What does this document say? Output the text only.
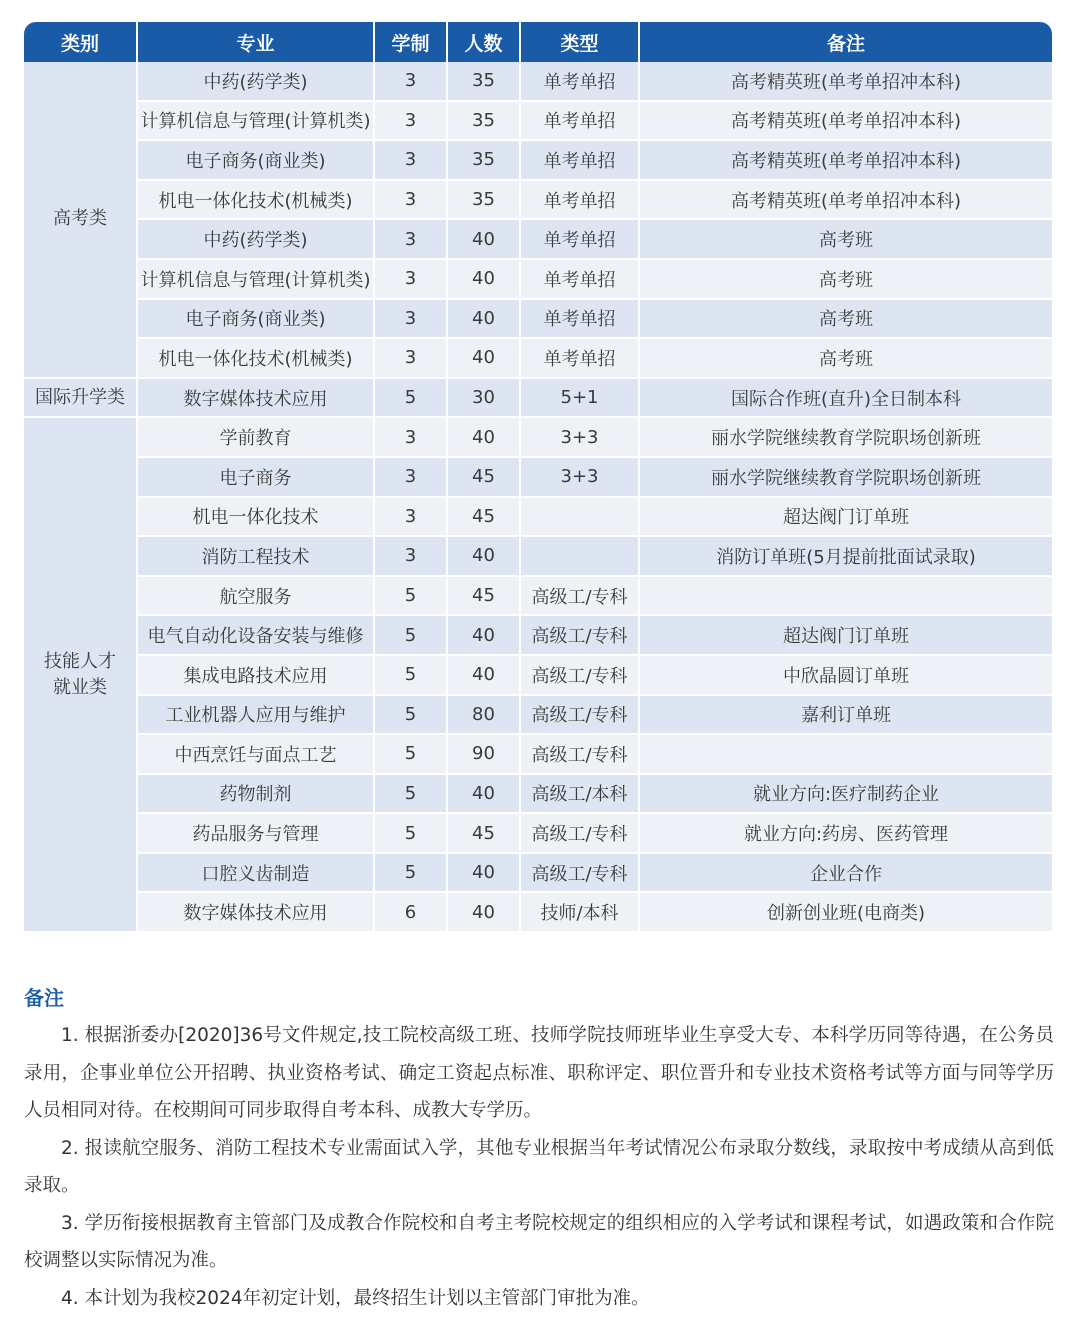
类别	专业	学制	人数	类型	备注
高考类	中药(药学类)	3	35	单考单招	高考精英班(单考单招冲本科)
	计算机信息与管理(计算机类)	3	35	单考单招	高考精英班(单考单招冲本科)
	电子商务(商业类)	3	35	单考单招	高考精英班(单考单招冲本科)
	机电一体化技术(机械类)	3	35	单考单招	高考精英班(单考单招冲本科)
	中药(药学类)	3	40	单考单招	高考班
	计算机信息与管理(计算机类)	3	40	单考单招	高考班
	电子商务(商业类)	3	40	单考单招	高考班
	机电一体化技术(机械类)	3	40	单考单招	高考班
国际升学类	数字媒体技术应用	5	30	5+1	国际合作班(直升)全日制本科
技能人才
就业类	学前教育	3	40	3+3	丽水学院继续教育学院职场创新班
	电子商务	3	45	3+3	丽水学院继续教育学院职场创新班
	机电一体化技术	3	45		超达阀门订单班
	消防工程技术	3	40		消防订单班(5月提前批面试录取)
	航空服务	5	45	高级工/专科	
	电气自动化设备安装与维修	5	40	高级工/专科	超达阀门订单班
	集成电路技术应用	5	40	高级工/专科	中欣晶圆订单班
	工业机器人应用与维护	5	80	高级工/专科	嘉利订单班
	中西烹饪与面点工艺	5	90	高级工/专科	
	药物制剂	5	40	高级工/本科	就业方向:医疗制药企业
	药品服务与管理	5	45	高级工/专科	就业方向:药房、医药管理
	口腔义齿制造	5	40	高级工/专科	企业合作
	数字媒体技术应用	6	40	技师/本科	创新创业班(电商类)
备注

1. 根据浙委办[2020]36号文件规定,技工院校高级工班、技师学院技师班毕业生享受大专、本科学历同等待遇，在公务员录用，企事业单位公开招聘、执业资格考试、确定工资起点标准、职称评定、职位晋升和专业技术资格考试等方面与同等学历人员相同对待。在校期间可同步取得自考本科、成教大专学历。

2. 报读航空服务、消防工程技术专业需面试入学，其他专业根据当年考试情况公布录取分数线，录取按中考成绩从高到低录取。

3. 学历衔接根据教育主管部门及成教合作院校和自考主考院校规定的组织相应的入学考试和课程考试，如遇政策和合作院校调整以实际情况为准。

4. 本计划为我校2024年初定计划，最终招生计划以主管部门审批为准。
